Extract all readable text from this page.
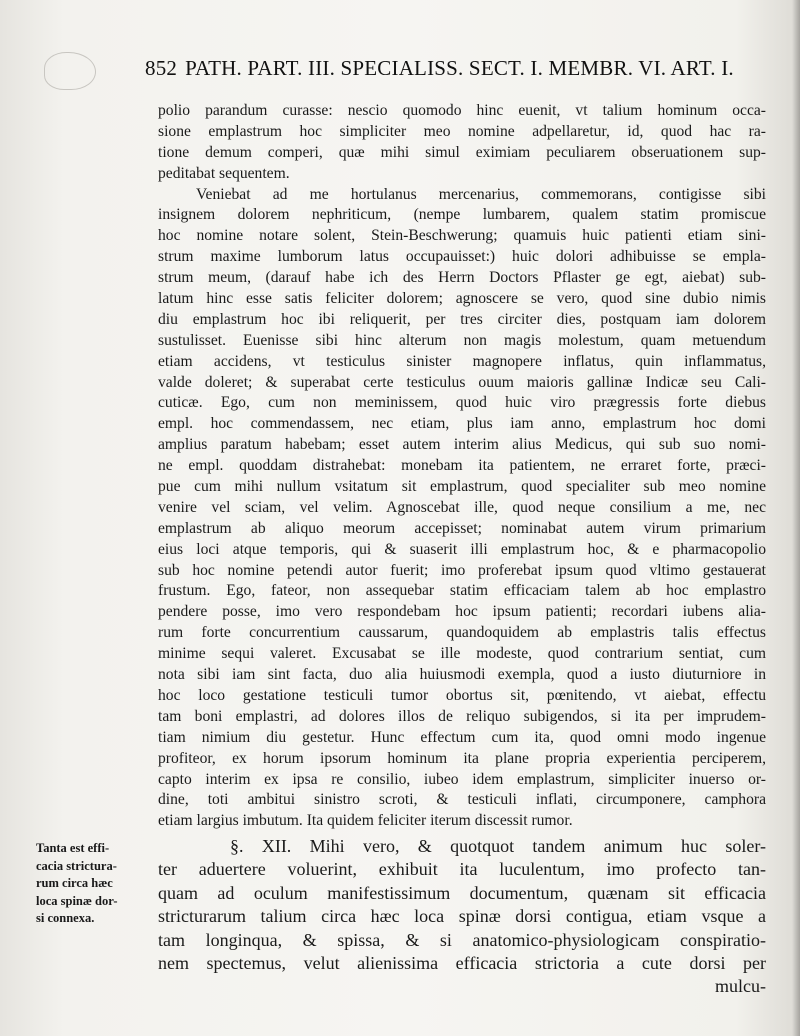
852 PATH. PART. III. SPECIALISS. SECT. I. MEMBR. VI. ART. I.
polio parandum curasse: nescio quomodo hinc euenit, vt talium hominum occa-
sione emplastrum hoc simpliciter meo nomine adpellaretur, id, quod hac ra-
tione demum comperi, quæ mihi simul eximiam peculiarem obseruationem sup-
peditabat sequentem.
Veniebat ad me hortulanus mercenarius, commemorans, contigisse sibi
insignem dolorem nephriticum, (nempe lumbarem, qualem statim promiscue
hoc nomine notare solent, Stein-Beschwerung; quamuis huic patienti etiam sini-
strum maxime lumborum latus occupauisset:) huic dolori adhibuisse se empla-
strum meum, (darauf habe ich des Herrn Doctors Pflaster ge egt, aiebat) sub-
latum hinc esse satis feliciter dolorem; agnoscere se vero, quod sine dubio nimis
diu emplastrum hoc ibi reliquerit, per tres circiter dies, postquam iam dolorem
sustulisset. Euenisse sibi hinc alterum non magis molestum, quam metuendum
etiam accidens, vt testiculus sinister magnopere inflatus, quin inflammatus,
valde doleret; & superabat certe testiculus ouum maioris gallinæ Indicæ seu Cali-
cuticæ. Ego, cum non meminissem, quod huic viro prægressis forte diebus
empl. hoc commendassem, nec etiam, plus iam anno, emplastrum hoc domi
amplius paratum habebam; esset autem interim alius Medicus, qui sub suo nomi-
ne empl. quoddam distrahebat: monebam ita patientem, ne erraret forte, præci-
pue cum mihi nullum vsitatum sit emplastrum, quod specialiter sub meo nomine
venire vel sciam, vel velim. Agnoscebat ille, quod neque consilium a me, nec
emplastrum ab aliquo meorum accepisset; nominabat autem virum primarium
eius loci atque temporis, qui & suaserit illi emplastrum hoc, & e pharmacopolio
sub hoc nomine petendi autor fuerit; imo proferebat ipsum quod vltimo gestauerat
frustum. Ego, fateor, non assequebar statim efficaciam talem ab hoc emplastro
pendere posse, imo vero respondebam hoc ipsum patienti; recordari iubens alia-
rum forte concurrentium caussarum, quandoquidem ab emplastris talis effectus
minime sequi valeret. Excusabat se ille modeste, quod contrarium sentiat, cum
nota sibi iam sint facta, duo alia huiusmodi exempla, quod a iusto diuturniore in
hoc loco gestatione testiculi tumor obortus sit, pœnitendo, vt aiebat, effectu
tam boni emplastri, ad dolores illos de reliquo subigendos, si ita per imprudem-
tiam nimium diu gestetur. Hunc effectum cum ita, quod omni modo ingenue
profiteor, ex horum ipsorum hominum ita plane propria experientia perciperem,
capto interim ex ipsa re consilio, iubeo idem emplastrum, simpliciter inuerso or-
dine, toti ambitui sinistro scroti, & testiculi inflati, circumponere, camphora
etiam largius imbutum. Ita quidem feliciter iterum discessit rumor.
Tanta est effi-
cacia strictura-
rum circa hæc
loca spinæ dor-
si connexa.
§. XII. Mihi vero, & quotquot tandem animum huc soler-
ter aduertere voluerint, exhibuit ita luculentum, imo profecto tan-
quam ad oculum manifestissimum documentum, quænam sit efficacia
stricturarum talium circa hæc loca spinæ dorsi contigua, etiam vsque a
tam longinqua, & spissa, & si anatomico-physiologicam conspiratio-
nem spectemus, velut alienissima efficacia strictoria a cute dorsi per
mulcu-
